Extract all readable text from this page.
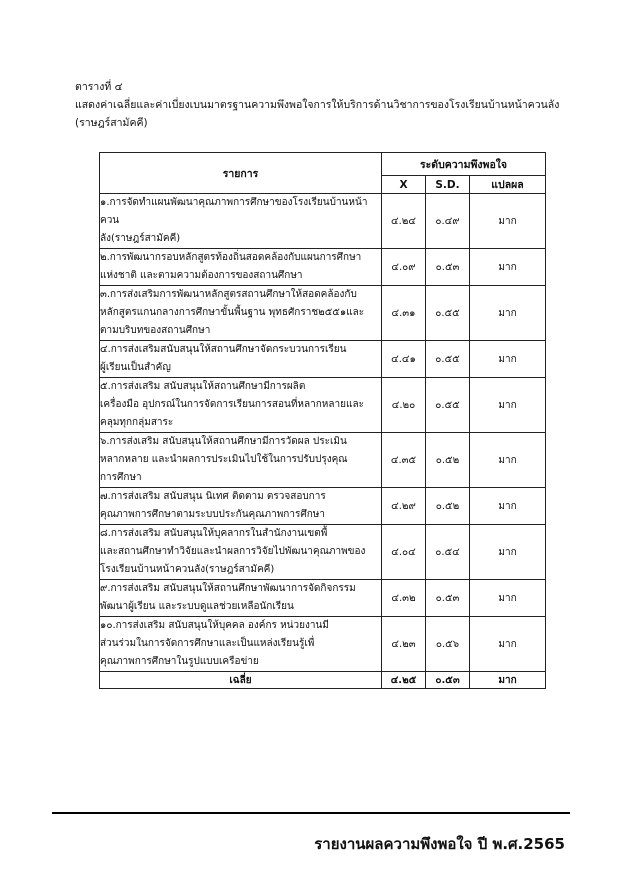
ตารางที่ ๔
แสดงค่าเฉลี่ยและค่าเบี่ยงเบนมาตรฐานความพึงพอใจการให้บริการด้านวิชาการของโรงเรียนบ้านหน้าควนลัง
(ราษฎร์สามัคคี)
รายการ	ระดับความพึงพอใจ		
	X	S.D.	แปลผล

๑.การจัดทำแผนพัฒนาคุณภาพการศึกษาของโรงเรียนบ้านหน้า
ควน
ลัง(ราษฎร์สามัคคี)	๔.๒๔	๐.๔๙	มาก

๒.การพัฒนากรอบหลักสูตรท้องถิ่นสอดคล้องกับแผนการศึกษา
แห่งชาติ และตามความต้องการของสถานศึกษา	๔.๐๙	๐.๕๓	มาก

๓.การส่งเสริมการพัฒนาหลักสูตรสถานศึกษาให้สอดคล้องกับ
หลักสูตรแกนกลางการศึกษาขั้นพื้นฐาน พุทธศักราช๒๕๕๑และ
ตามบริบทของสถานศึกษา	๔.๓๑	๐.๕๕	มาก

๔.การส่งเสริมสนับสนุนให้สถานศึกษาจัดกระบวนการเรียน
ผู้เรียนเป็นสำคัญ	๔.๔๑	๐.๕๕	มาก

๕.การส่งเสริม สนับสนุนให้สถานศึกษามีการผลิต
เครื่องมือ อุปกรณ์ในการจัดการเรียนการสอนที่หลากหลายและ
คลุมทุกกลุ่มสาระ	๔.๒๐	๐.๕๕	มาก

๖.การส่งเสริม สนับสนุนให้สถานศึกษามีการวัดผล ประเมิน
หลากหลาย และนำผลการประเมินไปใช้ในการปรับปรุงคุณ
การศึกษา	๔.๓๕	๐.๕๒	มาก

๗.การส่งเสริม สนับสนุน นิเทศ ติดตาม ตรวจสอบการ
คุณภาพการศึกษาตามระบบประกันคุณภาพการศึกษา	๔.๒๙	๐.๕๒	มาก

๘.การส่งเสริม สนับสนุนให้บุคลากรในสำนักงานเขตพื้
และสถานศึกษาทำวิจัยและนำผลการวิจัยไปพัฒนาคุณภาพของ
โรงเรียนบ้านหน้าควนลัง(ราษฎร์สามัคคี)	๔.๐๔	๐.๕๔	มาก

๙.การส่งเสริม สนับสนุนให้สถานศึกษาพัฒนาการจัดกิจกรรม
พัฒนาผู้เรียน และระบบดูแลช่วยเหลือนักเรียน	๔.๓๒	๐.๕๓	มาก

๑๐.การส่งเสริม สนับสนุนให้บุคคล องค์กร หน่วยงานมี
ส่วนร่วมในการจัดการศึกษาและเป็นแหล่งเรียนรู้เพื่
คุณภาพการศึกษาในรูปแบบเครือข่าย	๔.๒๓	๐.๕๖	มาก
เฉลี่ย	๔.๒๕	๐.๕๓	มาก
รายงานผลความพึงพอใจ ปี พ.ศ.2565
